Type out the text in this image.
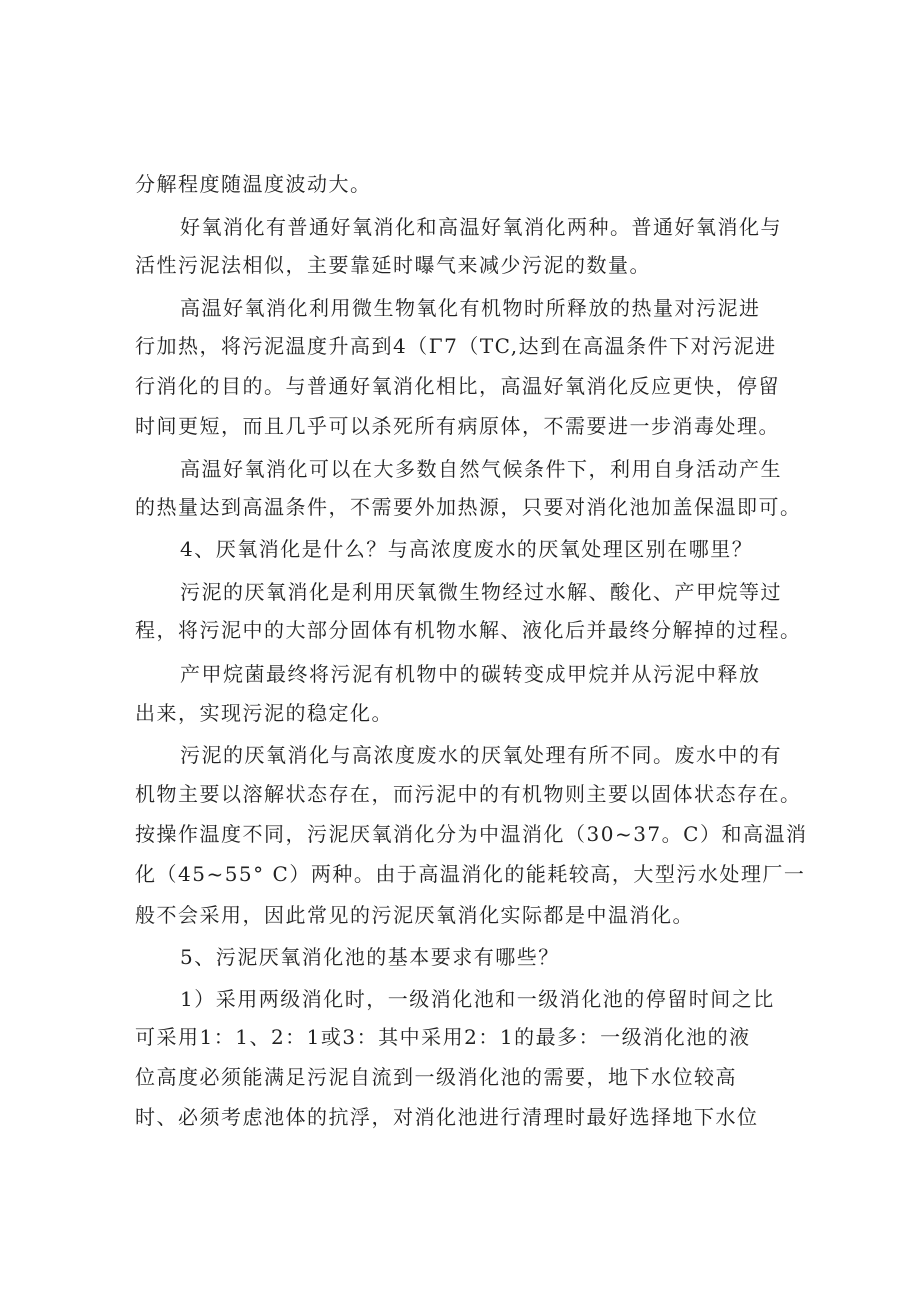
分解程度随温度波动大。
好氧消化有普通好氧消化和高温好氧消化两种。普通好氧消化与
活性污泥法相似，主要靠延时曝气来减少污泥的数量。
高温好氧消化利用微生物氧化有机物时所释放的热量对污泥进
行加热，将污泥温度升高到4（Γ7（TC,达到在高温条件下对污泥进
行消化的目的。与普通好氧消化相比，高温好氧消化反应更快，停留
时间更短，而且几乎可以杀死所有病原体，不需要进一步消毒处理。
高温好氧消化可以在大多数自然气候条件下，利用自身活动产生
的热量达到高温条件，不需要外加热源，只要对消化池加盖保温即可。
4、厌氧消化是什么？与高浓度废水的厌氧处理区别在哪里？
污泥的厌氧消化是利用厌氧微生物经过水解、酸化、产甲烷等过
程，将污泥中的大部分固体有机物水解、液化后并最终分解掉的过程。
产甲烷菌最终将污泥有机物中的碳转变成甲烷并从污泥中释放
出来，实现污泥的稳定化。
污泥的厌氧消化与高浓度废水的厌氧处理有所不同。废水中的有
机物主要以溶解状态存在，而污泥中的有机物则主要以固体状态存在。
按操作温度不同，污泥厌氧消化分为中温消化（30~37。C）和高温消
化（45~55° C）两种。由于高温消化的能耗较高，大型污水处理厂一
般不会采用，因此常见的污泥厌氧消化实际都是中温消化。
5、污泥厌氧消化池的基本要求有哪些？
1）采用两级消化时，一级消化池和一级消化池的停留时间之比
可采用1：1、2：1或3：其中采用2：1的最多：一级消化池的液
位高度必须能满足污泥自流到一级消化池的需要，地下水位较高
时、必须考虑池体的抗浮，对消化池进行清理时最好选择地下水位
